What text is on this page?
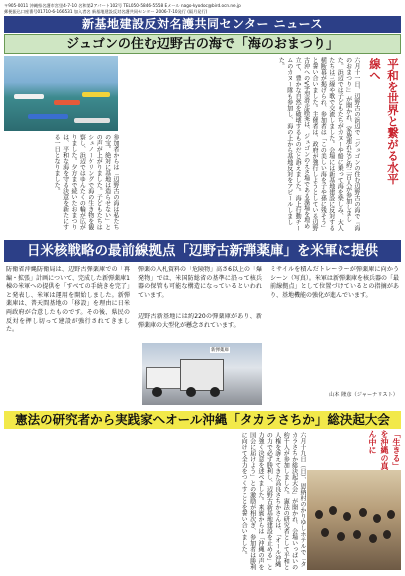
〒905-0011 沖縄県名護市宮里4-7-10 名和第2アパート102号 TEL050-5846-5558 Eメール nago-kyodoc@bird.ocn.ne.jp
郵便振込口座番号01710-6-166531 加入者名 新基地建設反対名護共同センター 2006-7-10発行 (隔月発行)
新基地建設反対名護共同センター ニュース
ジュゴンの住む辺野古の海で「海のおまつり」
平和を世界と繋がる水平線へ
六月十一日、辺野古の浜辺で「ジュゴンの住む辺野古の海で『海のおまつり』」が開かれ、家族連れなど約二百人が参加しました。浜辺では子どもたちがカヌーや船に乗って海を楽しみ、大人たちは三線や歌で交流しました。会場には新基地建設に反対する横断幕が掲げられ、参加者は「この美しい海を子や孫に残そう」と誓い合いました。主催者は、政府が強行しようとしている辺野古沖へのV字型滑走路案は、ジュゴンのえさ場である藻場を埋め立て、豊かな自然を破壊するものだと訴えました。海上行動チームのカヌー隊も参加し、海の上から基地反対をアピールしました。
参加者からは「辺野古の海は私たちの宝。絶対に基地は造らせない」との声が上がりました。子どもたちはシュノーケリングで海の生き物を観察し、浜辺ではゆんたくの輪が広がりました。夕方まで続いたおまつりは、平和な海を守る決意を新たにする一日となりました。
日米核戦略の最前線拠点「辺野古新弾薬庫」を米軍に提供
防衛省沖縄防衛局は、辺野古弾薬庫での「再編・拡張」計画について、完成した新弾薬庫1棟の米軍への提供を「すべての手続きを完了」と発表し、米軍は運用を開始しました。新弾薬庫は、普天間基地の「移設」を理由に日米両政府が合意したものです。その後、県民の反対を押し切って建設が強行されてきました。
弾薬の入札資料の「危険物」高さ6以上の「爆発物」では、米国防総省の基準に沿って核兵器の保管も可能な構造になっているといわれています。
辺野古新基地には約220の弾薬庫があり、新弾薬庫の大型化が懸念されています。
ミサイルを積んだトレーラーが弾薬庫に向かうシーン（写真）。米軍は新弾薬庫を核兵器の「最前線拠点」として位置づけているとの指摘があり、基地機能の強化が進んでいます。
新弾薬庫
山本 隆彦（ジャーナリスト）
憲法の研究者から実践家へオール沖縄「タカラさちか」総決起大会
六月十九日（日）、恩納村のかりゆしホテルで「タカラさちか総決起大会」が開かれ、会場いっぱいの約千人が参加しました。憲法の研究者として平和と人権を訴えてきた高良さちかさんは、「オール沖縄の力で必ず勝利し、辺野古新基地建設を止める」と力強く決意を述べました。来賓からは「沖縄の声を国会に届けよう」との激励が相次ぎ、参加者は勝利に向けて全力をつくすことを誓い合いました。	「生きる」を沖縄の真ん中に
